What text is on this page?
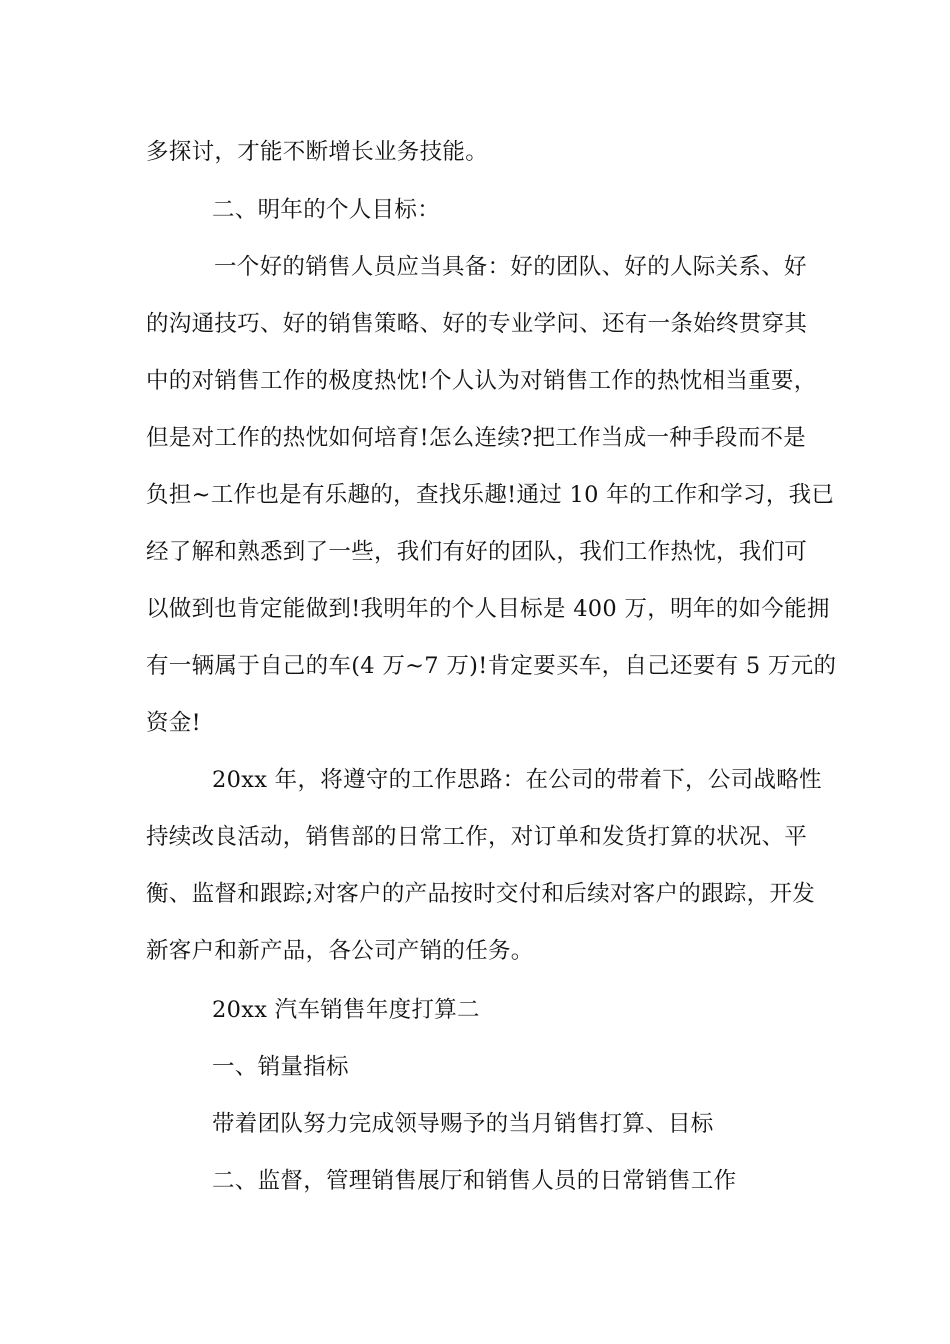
多探讨，才能不断增长业务技能。
二、明年的个人目标：
一个好的销售人员应当具备：好的团队、好的人际关系、好
的沟通技巧、好的销售策略、好的专业学问、还有一条始终贯穿其
中的对销售工作的极度热忱!个人认为对销售工作的热忱相当重要，
但是对工作的热忱如何培育!怎么连续?把工作当成一种手段而不是
负担~工作也是有乐趣的，查找乐趣!通过 10 年的工作和学习，我已
经了解和熟悉到了一些，我们有好的团队，我们工作热忱，我们可
以做到也肯定能做到!我明年的个人目标是 400 万，明年的如今能拥
有一辆属于自己的车(4 万~7 万)!肯定要买车，自己还要有 5 万元的
资金!
20xx 年，将遵守的工作思路：在公司的带着下，公司战略性
持续改良活动，销售部的日常工作，对订单和发货打算的状况、平
衡、监督和跟踪;对客户的产品按时交付和后续对客户的跟踪，开发
新客户和新产品，各公司产销的任务。
20xx 汽车销售年度打算二
一、销量指标
带着团队努力完成领导赐予的当月销售打算、目标
二、监督，管理销售展厅和销售人员的日常销售工作
